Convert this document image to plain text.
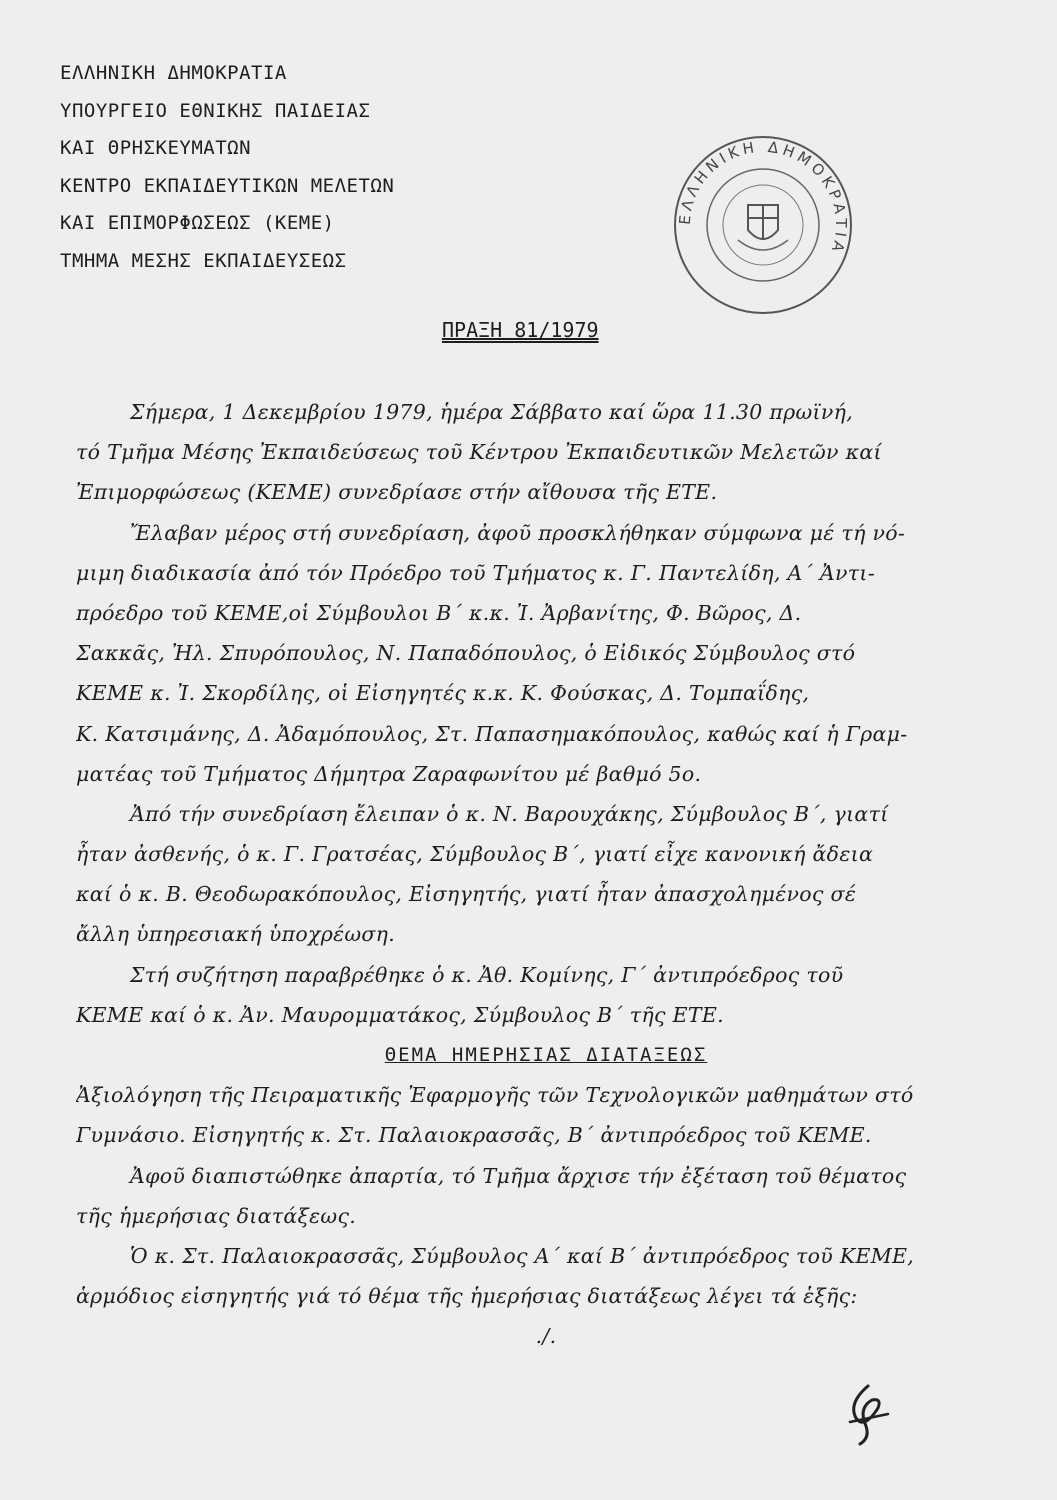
ΕΛΛΗΝΙΚΗ ΔΗΜΟΚΡΑΤΙΑ
ΥΠΟΥΡΓΕΙΟ ΕΘΝΙΚΗΣ ΠΑΙΔΕΙΑΣ
ΚΑΙ ΘΡΗΣΚΕΥΜΑΤΩΝ
ΚΕΝΤΡΟ ΕΚΠΑΙΔΕΥΤΙΚΩΝ ΜΕΛΕΤΩΝ
ΚΑΙ ΕΠΙΜΟΡΦΩΣΕΩΣ (ΚΕΜΕ)
ΤΜΗΜΑ ΜΕΣΗΣ ΕΚΠΑΙΔΕΥΣΕΩΣ
ΕΛΛΗΝΙΚΗ ΔΗΜΟΚΡΑΤΙΑ
ΠΡΑΞΗ 81/1979
Σήμερα, 1 Δεκεμβρίου 1979, ἡμέρα Σάββατο καί ὥρα 11.30 πρωϊνή,
τό Τμῆμα Μέσης Ἐκπαιδεύσεως τοῦ Κέντρου Ἐκπαιδευτικῶν Μελετῶν καί
Ἐπιμορφώσεως (ΚΕΜΕ) συνεδρίασε στήν αἴθουσα τῆς ΕΤΕ.
Ἔλαβαν μέρος στή συνεδρίαση, ἀφοῦ προσκλήθηκαν σύμφωνα μέ τή νό-
μιμη διαδικασία ἀπό τόν Πρόεδρο τοῦ Τμήματος κ. Γ. Παντελίδη, Α΄ Ἀντι-
πρόεδρο τοῦ ΚΕΜΕ,οἱ Σύμβουλοι Β΄ κ.κ. Ἰ. Ἀρβανίτης, Φ. Βῶρος, Δ.
Σακκᾶς, Ἠλ. Σπυρόπουλος, Ν. Παπαδόπουλος, ὁ Εἰδικός Σύμβουλος στό
ΚΕΜΕ κ. Ἰ. Σκορδίλης, οἱ Εἰσηγητές κ.κ. Κ. Φούσκας, Δ. Τομπαΐδης,
Κ. Κατσιμάνης, Δ. Ἀδαμόπουλος, Στ. Παπασημακόπουλος, καθώς καί ἡ Γραμ-
ματέας τοῦ Τμήματος Δήμητρα Ζαραφωνίτου μέ βαθμό 5ο.
Ἀπό τήν συνεδρίαση ἔλειπαν ὁ κ. Ν. Βαρουχάκης, Σύμβουλος Β΄, γιατί
ἦταν ἀσθενής, ὁ κ. Γ. Γρατσέας, Σύμβουλος Β΄, γιατί εἶχε κανονική ἄδεια
καί ὁ κ. Β. Θεοδωρακόπουλος, Εἰσηγητής, γιατί ἦταν ἀπασχολημένος σέ
ἄλλη ὑπηρεσιακή ὑποχρέωση.
Στή συζήτηση παραβρέθηκε ὁ κ. Ἀθ. Κομίνης, Γ΄ ἀντιπρόεδρος τοῦ
ΚΕΜΕ καί ὁ κ. Ἀν. Μαυρομματάκος, Σύμβουλος Β΄ τῆς ΕΤΕ.
ΘΕΜΑ ΗΜΕΡΗΣΙΑΣ ΔΙΑΤΑΞΕΩΣ
Ἀξιολόγηση τῆς Πειραματικῆς Ἐφαρμογῆς τῶν Τεχνολογικῶν μαθημάτων στό
Γυμνάσιο. Εἰσηγητής κ. Στ. Παλαιοκρασσᾶς, Β΄ ἀντιπρόεδρος τοῦ ΚΕΜΕ.
Ἀφοῦ διαπιστώθηκε ἀπαρτία, τό Τμῆμα ἄρχισε τήν ἐξέταση τοῦ θέματος
τῆς ἡμερήσιας διατάξεως.
Ὁ κ. Στ. Παλαιοκρασσᾶς, Σύμβουλος Α΄ καί Β΄ ἀντιπρόεδρος τοῦ ΚΕΜΕ,
ἁρμόδιος εἰσηγητής γιά τό θέμα τῆς ἡμερήσιας διατάξεως λέγει τά ἑξῆς:
./.
